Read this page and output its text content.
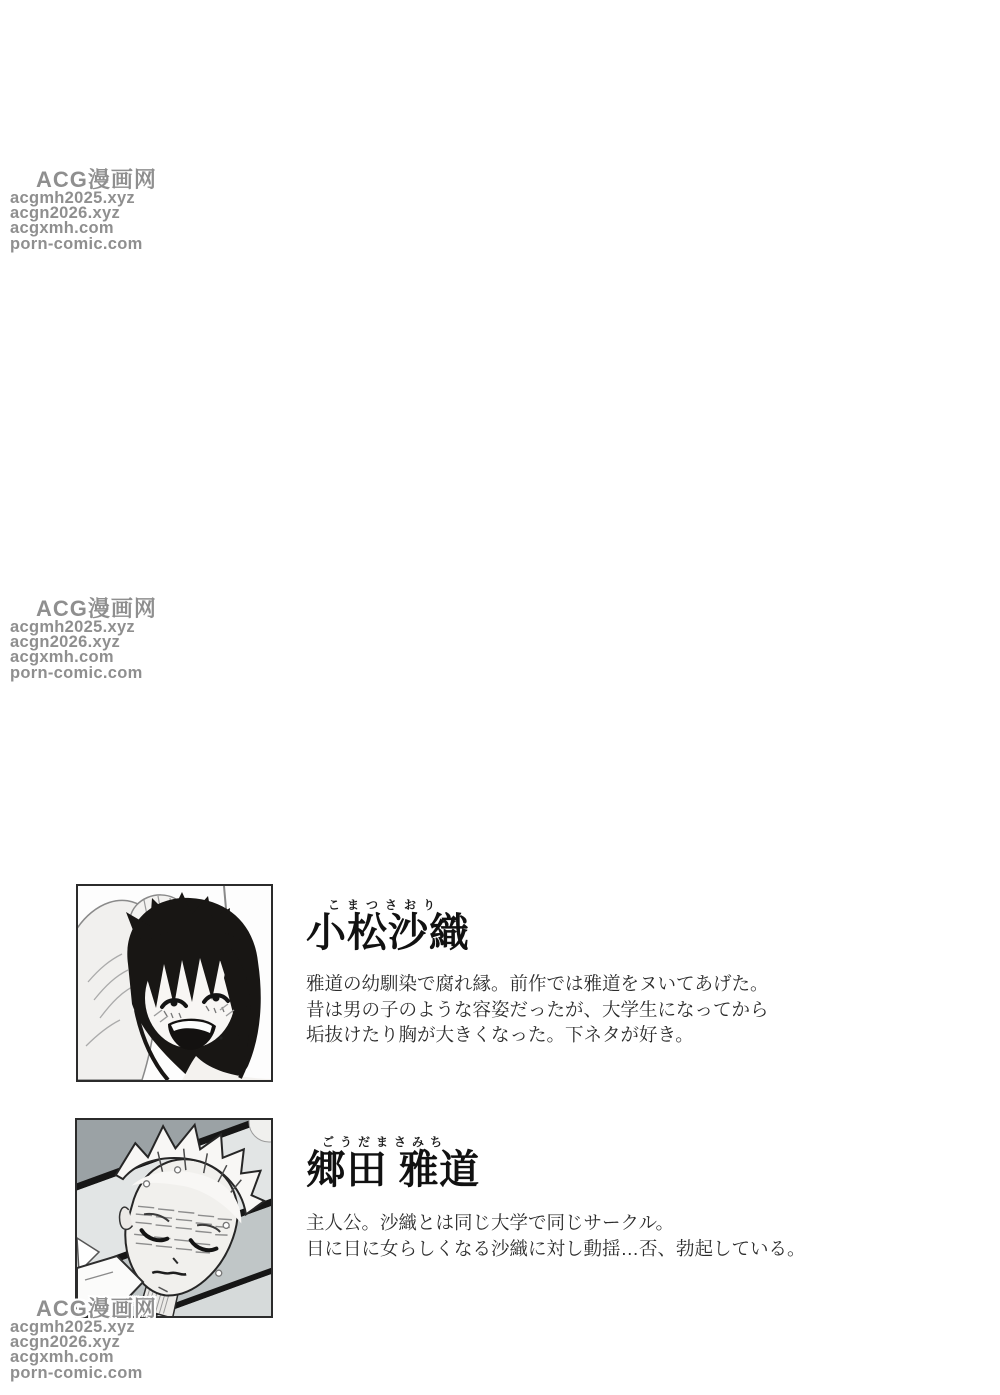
ACG漫画网
acgmh2025.xyz
acgn2026.xyz
acgxmh.com
porn-comic.com
ACG漫画网
acgmh2025.xyz
acgn2026.xyz
acgxmh.com
porn-comic.com
ACG漫画网
acgmh2025.xyz
acgn2026.xyz
acgxmh.com
porn-comic.com
こまつさおり
小松沙織
雅道の幼馴染で腐れ縁。前作では雅道をヌいてあげた。
昔は男の子のような容姿だったが、大学生になってから
垢抜けたり胸が大きくなった。下ネタが好き。
ごうだまさみち
郷田 雅道
主人公。沙織とは同じ大学で同じサークル。
日に日に女らしくなる沙織に対し動揺…否、勃起している。
